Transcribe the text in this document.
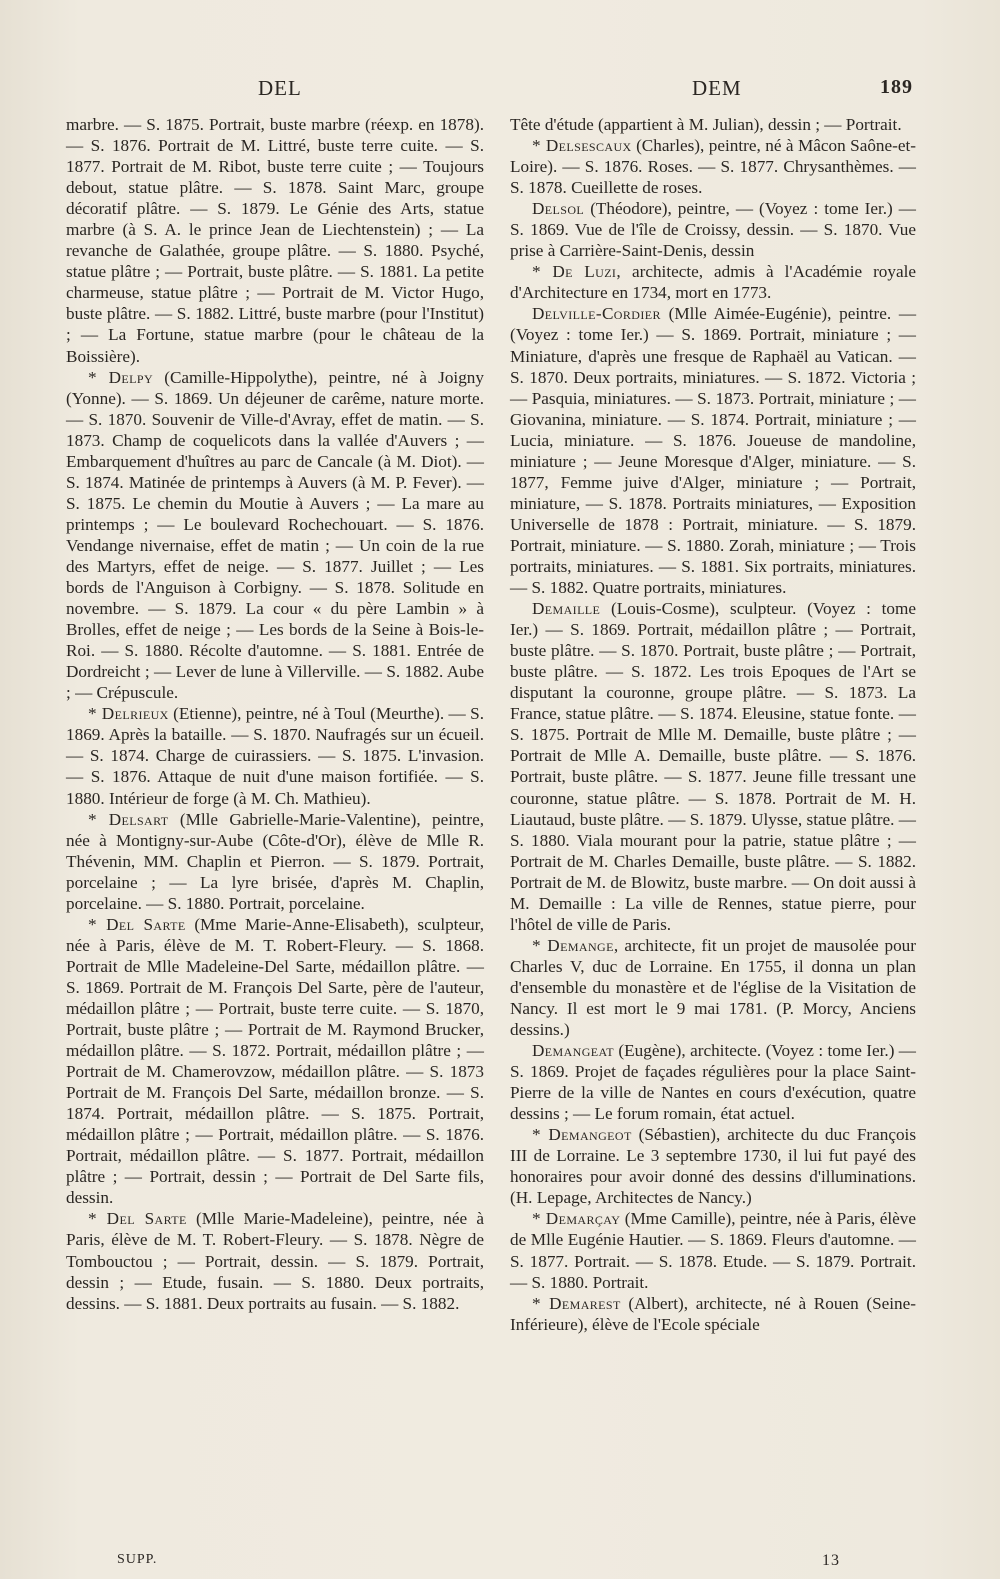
DEL	DEM	189

marbre. — S. 1875. Portrait, buste marbre (réexp. en 1878). — S. 1876. Portrait de M. Littré, buste terre cuite. — S. 1877. Portrait de M. Ribot, buste terre cuite ; — Toujours debout, statue plâtre. — S. 1878. Saint Marc, groupe décoratif plâtre. — S. 1879. Le Génie des Arts, statue marbre (à S. A. le prince Jean de Liechtenstein) ; — La revanche de Galathée, groupe plâtre. — S. 1880. Psyché, statue plâtre ; — Portrait, buste plâtre. — S. 1881. La petite charmeuse, statue plâtre ; — Portrait de M. Victor Hugo, buste plâtre. — S. 1882. Littré, buste marbre (pour l'Institut) ; — La Fortune, statue marbre (pour le château de la Boissière).

* Delpy (Camille-Hippolythe), peintre, né à Joigny (Yonne). — S. 1869. Un déjeuner de carême, nature morte. — S. 1870. Souvenir de Ville-d'Avray, effet de matin. — S. 1873. Champ de coquelicots dans la vallée d'Auvers ; — Embarquement d'huîtres au parc de Cancale (à M. Diot). — S. 1874. Matinée de printemps à Auvers (à M. P. Fever). — S. 1875. Le chemin du Moutie à Auvers ; — La mare au printemps ; — Le boulevard Rochechouart. — S. 1876. Vendange nivernaise, effet de matin ; — Un coin de la rue des Martyrs, effet de neige. — S. 1877. Juillet ; — Les bords de l'Anguison à Corbigny. — S. 1878. Solitude en novembre. — S. 1879. La cour « du père Lambin » à Brolles, effet de neige ; — Les bords de la Seine à Bois-le-Roi. — S. 1880. Récolte d'automne. — S. 1881. Entrée de Dordreicht ; — Lever de lune à Villerville. — S. 1882. Aube ; — Crépuscule.

* Delrieux (Etienne), peintre, né à Toul (Meurthe). — S. 1869. Après la bataille. — S. 1870. Naufragés sur un écueil. — S. 1874. Charge de cuirassiers. — S. 1875. L'invasion. — S. 1876. Attaque de nuit d'une maison fortifiée. — S. 1880. Intérieur de forge (à M. Ch. Mathieu).

* Delsart (Mlle Gabrielle-Marie-Valentine), peintre, née à Montigny-sur-Aube (Côte-d'Or), élève de Mlle R. Thévenin, MM. Chaplin et Pierron. — S. 1879. Portrait, porcelaine ; — La lyre brisée, d'après M. Chaplin, porcelaine. — S. 1880. Portrait, porcelaine.

* Del Sarte (Mme Marie-Anne-Elisabeth), sculpteur, née à Paris, élève de M. T. Robert-Fleury. — S. 1868. Portrait de Mlle Madeleine-Del Sarte, médaillon plâtre. — S. 1869. Portrait de M. François Del Sarte, père de l'auteur, médaillon plâtre ; — Portrait, buste terre cuite. — S. 1870, Portrait, buste plâtre ; — Portrait de M. Raymond Brucker, médaillon plâtre. — S. 1872. Portrait, médaillon plâtre ; — Portrait de M. Chamerovzow, médaillon plâtre. — S. 1873 Portrait de M. François Del Sarte, médaillon bronze. — S. 1874. Portrait, médaillon plâtre. — S. 1875. Portrait, médaillon plâtre ; — Portrait, médaillon plâtre. — S. 1876. Portrait, médaillon plâtre. — S. 1877. Portrait, médaillon plâtre ; — Portrait, dessin ; — Portrait de Del Sarte fils, dessin.

* Del Sarte (Mlle Marie-Madeleine), peintre, née à Paris, élève de M. T. Robert-Fleury. — S. 1878. Nègre de Tombouctou ; — Portrait, dessin. — S. 1879. Portrait, dessin ; — Etude, fusain. — S. 1880. Deux portraits, dessins. — S. 1881. Deux portraits au fusain. — S. 1882.

Tête d'étude (appartient à M. Julian), dessin ; — Portrait.

* Delsescaux (Charles), peintre, né à Mâcon Saône-et-Loire). — S. 1876. Roses. — S. 1877. Chrysanthèmes. — S. 1878. Cueillette de roses.

Delsol (Théodore), peintre, — (Voyez : tome Ier.) — S. 1869. Vue de l'île de Croissy, dessin. — S. 1870. Vue prise à Carrière-Saint-Denis, dessin

* De Luzi, architecte, admis à l'Académie royale d'Architecture en 1734, mort en 1773.

Delville-Cordier (Mlle Aimée-Eugénie), peintre. — (Voyez : tome Ier.) — S. 1869. Portrait, miniature ; — Miniature, d'après une fresque de Raphaël au Vatican. — S. 1870. Deux portraits, miniatures. — S. 1872. Victoria ; — Pasquia, miniatures. — S. 1873. Portrait, miniature ; — Giovanina, miniature. — S. 1874. Portrait, miniature ; — Lucia, miniature. — S. 1876. Joueuse de mandoline, miniature ; — Jeune Moresque d'Alger, miniature. — S. 1877, Femme juive d'Alger, miniature ; — Portrait, miniature, — S. 1878. Portraits miniatures, — Exposition Universelle de 1878 : Portrait, miniature. — S. 1879. Portrait, miniature. — S. 1880. Zorah, miniature ; — Trois portraits, miniatures. — S. 1881. Six portraits, miniatures. — S. 1882. Quatre portraits, miniatures.

Demaille (Louis-Cosme), sculpteur. (Voyez : tome Ier.) — S. 1869. Portrait, médaillon plâtre ; — Portrait, buste plâtre. — S. 1870. Portrait, buste plâtre ; — Portrait, buste plâtre. — S. 1872. Les trois Epoques de l'Art se disputant la couronne, groupe plâtre. — S. 1873. La France, statue plâtre. — S. 1874. Eleusine, statue fonte. — S. 1875. Portrait de Mlle M. Demaille, buste plâtre ; — Portrait de Mlle A. Demaille, buste plâtre. — S. 1876. Portrait, buste plâtre. — S. 1877. Jeune fille tressant une couronne, statue plâtre. — S. 1878. Portrait de M. H. Liautaud, buste plâtre. — S. 1879. Ulysse, statue plâtre. — S. 1880. Viala mourant pour la patrie, statue plâtre ; — Portrait de M. Charles Demaille, buste plâtre. — S. 1882. Portrait de M. de Blowitz, buste marbre. — On doit aussi à M. Demaille : La ville de Rennes, statue pierre, pour l'hôtel de ville de Paris.

* Demange, architecte, fit un projet de mausolée pour Charles V, duc de Lorraine. En 1755, il donna un plan d'ensemble du monastère et de l'église de la Visitation de Nancy. Il est mort le 9 mai 1781. (P. Morcy, Anciens dessins.)

Demangeat (Eugène), architecte. (Voyez : tome Ier.) — S. 1869. Projet de façades régulières pour la place Saint-Pierre de la ville de Nantes en cours d'exécution, quatre dessins ; — Le forum romain, état actuel.

* Demangeot (Sébastien), architecte du duc François III de Lorraine. Le 3 septembre 1730, il lui fut payé des honoraires pour avoir donné des dessins d'illuminations. (H. Lepage, Architectes de Nancy.)

* Demarçay (Mme Camille), peintre, née à Paris, élève de Mlle Eugénie Hautier. — S. 1869. Fleurs d'automne. — S. 1877. Portrait. — S. 1878. Etude. — S. 1879. Portrait. — S. 1880. Portrait.

* Demarest (Albert), architecte, né à Rouen (Seine-Inférieure), élève de l'Ecole spéciale

SUPP.	13
